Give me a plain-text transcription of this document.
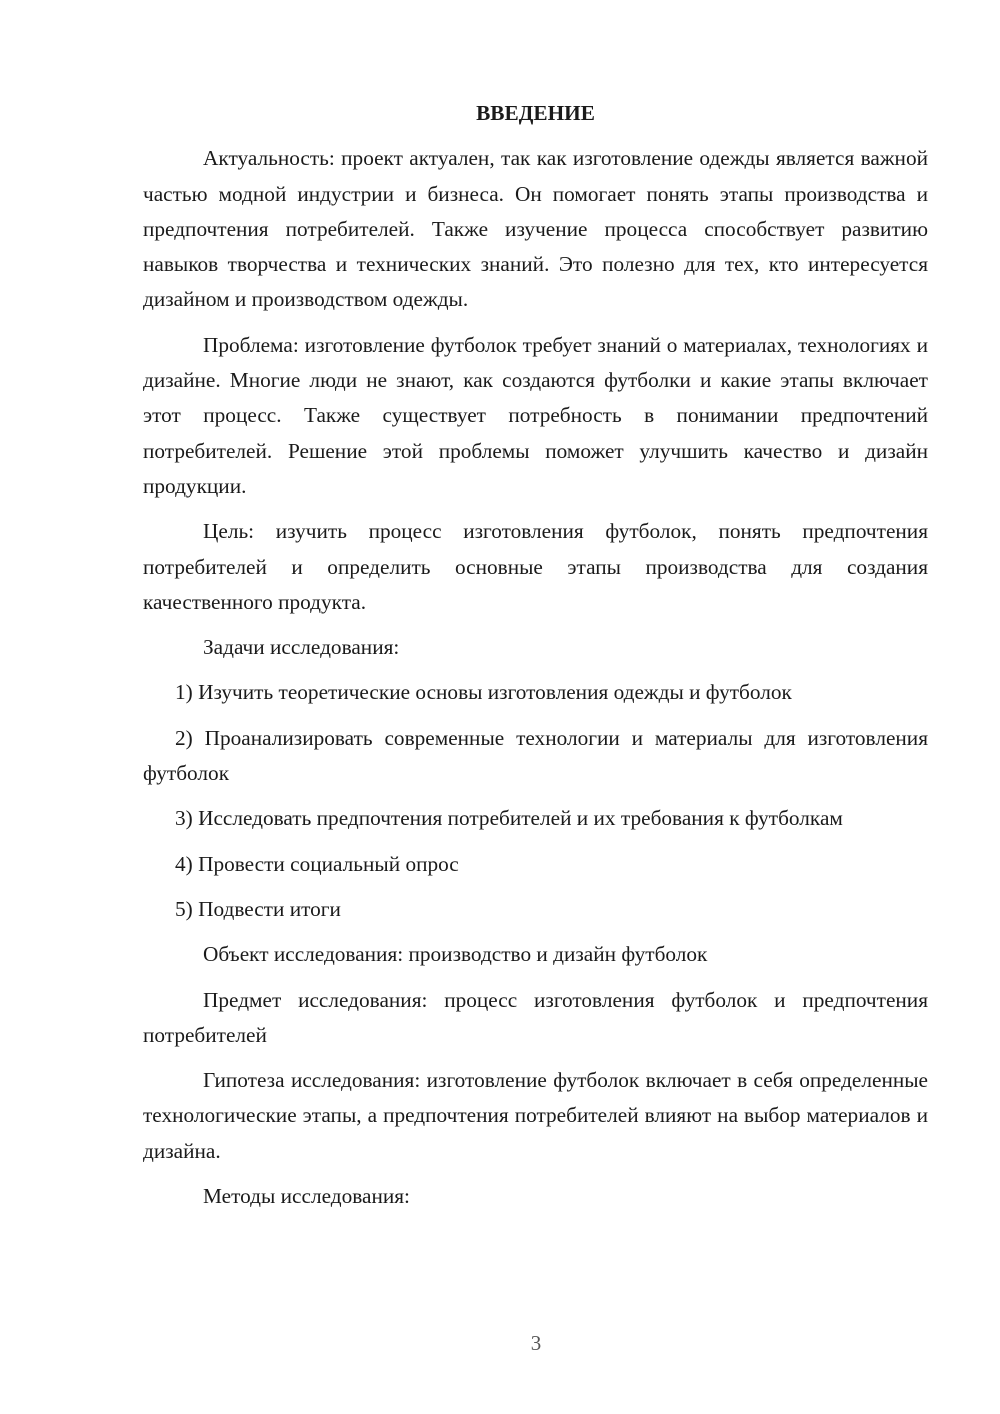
ВВЕДЕНИЕ

Актуальность: проект актуален, так как изготовление одежды является важной частью модной индустрии и бизнеса. Он помогает понять этапы производства и предпочтения потребителей. Также изучение процесса способствует развитию навыков творчества и технических знаний. Это полезно для тех, кто интересуется дизайном и производством одежды.

Проблема: изготовление футболок требует знаний о материалах, технологиях и дизайне. Многие люди не знают, как создаются футболки и какие этапы включает этот процесс. Также существует потребность в понимании предпочтений потребителей. Решение этой проблемы поможет улучшить качество и дизайн продукции.

Цель: изучить процесс изготовления футболок, понять предпочтения потребителей и определить основные этапы производства для создания качественного продукта.

Задачи исследования:

1) Изучить теоретические основы изготовления одежды и футболок

2) Проанализировать современные технологии и материалы для изготовления футболок

3) Исследовать предпочтения потребителей и их требования к футболкам

4) Провести социальный опрос

5) Подвести итоги

Объект исследования: производство и дизайн футболок

Предмет исследования: процесс изготовления футболок и предпочтения потребителей

Гипотеза исследования: изготовление футболок включает в себя определенные технологические этапы, а предпочтения потребителей влияют на выбор материалов и дизайна.

Методы исследования:

3
